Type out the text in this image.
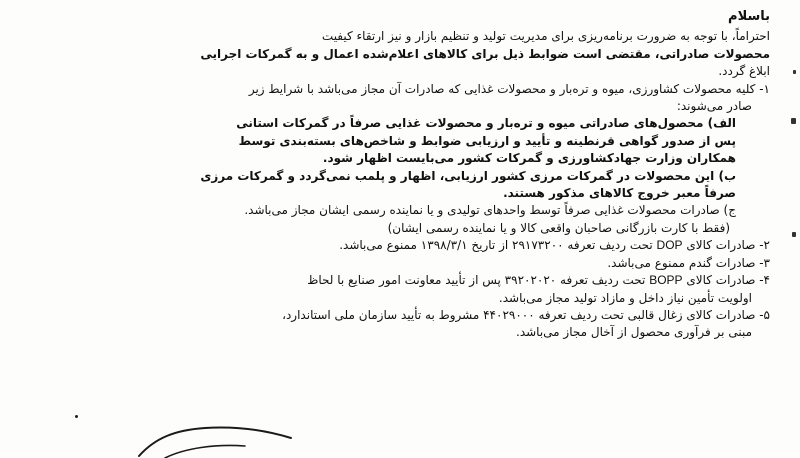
باسلام
احتراماً، با توجه به ضرورت برنامه‌ریزی برای مدیریت تولید و تنظیم بازار و نیز ارتقاء کیفیت
محصولات صادراتی، مقتضی است ضوابط ذیل برای کالاهای اعلام‌شده اعمال و به گمرکات اجرایی
ابلاغ گردد.
۱- کلیه محصولات کشاورزی، میوه و تره‌بار و محصولات غذایی که صادرات آن مجاز می‌باشد با شرایط زیر
صادر می‌شوند:
الف) محصول‌های صادراتی میوه و تره‌بار و محصولات غذایی صرفاً در گمرکات استانی
پس از صدور گواهی قرنطینه و تأیید و ارزیابی ضوابط و شاخص‌های بسته‌بندی توسط
همکاران وزارت جهادکشاورزی و گمرکات کشور می‌بایست اظهار شود.
ب) این محصولات در گمرکات مرزی کشور ارزیابی، اظهار و پلمب نمی‌گردد و گمرکات مرزی
صرفاً معبر خروج کالاهای مذکور هستند.
ج) صادرات محصولات غذایی صرفاً توسط واحدهای تولیدی و یا نماینده رسمی ایشان مجاز می‌باشد.
(فقط با کارت بازرگانی صاحبان واقعی کالا و یا نماینده رسمی ایشان)
۲- صادرات کالای DOP تحت ردیف تعرفه ۲۹۱۷۳۲۰۰ از تاریخ ۱۳۹۸/۳/۱ ممنوع می‌باشد.
۳- صادرات گندم ممنوع می‌باشد.
۴- صادرات کالای BOPP تحت ردیف تعرفه ۳۹۲۰۲۰۲۰ پس از تأیید معاونت امور صنایع با لحاظ
اولویت تأمین نیاز داخل و مازاد تولید مجاز می‌باشد.
۵- صادرات کالای زغال قالبی تحت ردیف تعرفه ۴۴۰۲۹۰۰۰ مشروط به تأیید سازمان ملی استاندارد،
مبنی بر فرآوری محصول از آخال مجاز می‌باشد.
